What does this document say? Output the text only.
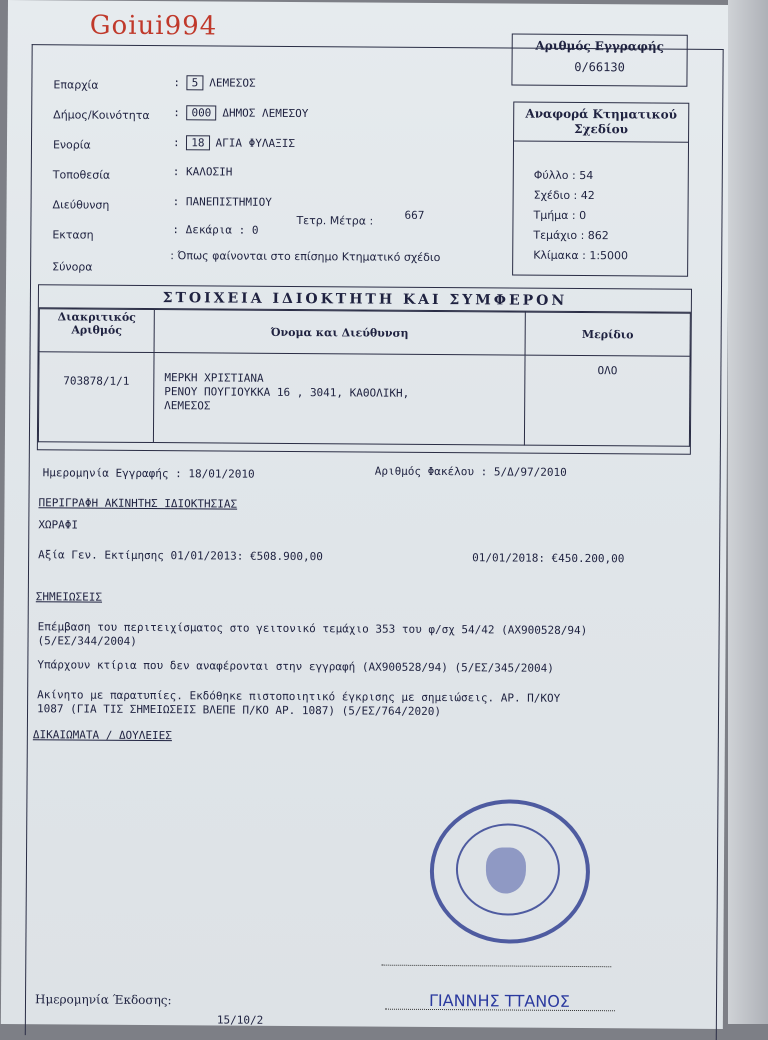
Goiui994
Αριθμός Εγγραφής
0/66130
Επαρχία	: 5 ΛΕΜΕΣΟΣ
Δήμος/Κοινότητα : 000 ΔΗΜΟΣ ΛΕΜΕΣΟΥ
Ενορία	: 18 ΑΓΙΑ ΦΥΛΑΞΙΣ
Τοποθεσία	: ΚΑΛΟΣΙΗ
Διεύθυνση	: ΠΑΝΕΠΙΣΤΗΜΙΟΥ
Εκταση	: Δεκάρια : 0
Τετρ. Μέτρα :	667
Σύνορα
: Όπως φαίνονται στο επίσημο Κτηματικό σχέδιο
Αναφορά Κτηματικού
Σχεδίου
Φύλλο : 54
Σχέδιο : 42
Τμήμα : 0
Τεμάχιο : 862
Κλίμακα : 1:5000
ΣΤΟΙΧΕΙΑ ΙΔΙΟΚΤΗΤΗ ΚΑΙ ΣΥΜΦΕΡΟΝ
Διακριτικός
Αριθμός	Όνομα και Διεύθυνση	Μερίδιο
703878/1/1	ΜΕΡΚΗ ΧΡΙΣΤΙΑΝΑ
ΡΕΝΟΥ ΠΟΥΓΙΟΥΚΚΑ 16 , 3041, ΚΑΘΟΛΙΚΗ,
ΛΕΜΕΣΟΣ	ΟΛΟ
Ημερομηνία Εγγραφής : 18/01/2010	Αριθμός Φακέλου : 5/Δ/97/2010
ΠΕΡΙΓΡΑΦΗ ΑΚΙΝΗΤΗΣ ΙΔΙΟΚΤΗΣΙΑΣ
ΧΩΡΑΦΙ
Αξία Γεν. Εκτίμησης 01/01/2013: €508.900,00	01/01/2018: €450.200,00
ΣΗΜΕΙΩΣΕΙΣ
Επέμβαση του περιτειχίσματος στο γειτονικό τεμάχιο 353 του φ/σχ 54/42 (ΑΧ900528/94)
(5/ΕΣ/344/2004)
Υπάρχουν κτίρια που δεν αναφέρονται στην εγγραφή (ΑΧ900528/94) (5/ΕΣ/345/2004)
Ακίνητο με παρατυπίες. Εκδόθηκε πιστοποιητικό έγκρισης με σημειώσεις. ΑΡ. Π/ΚΟΥ
1087 (ΓΙΑ ΤΙΣ ΣΗΜΕΙΩΣΕΙΣ ΒΛΕΠΕ Π/ΚΟ ΑΡ. 1087) (5/ΕΣ/764/2020)
ΔΙΚΑΙΩΜΑΤΑ / ΔΟΥΛΕΙΕΣ
Ημερομηνία Έκδοσης:
15/10/2
ΓΙΑΝΝΗΣ ΤΤΑΝΟΣ
